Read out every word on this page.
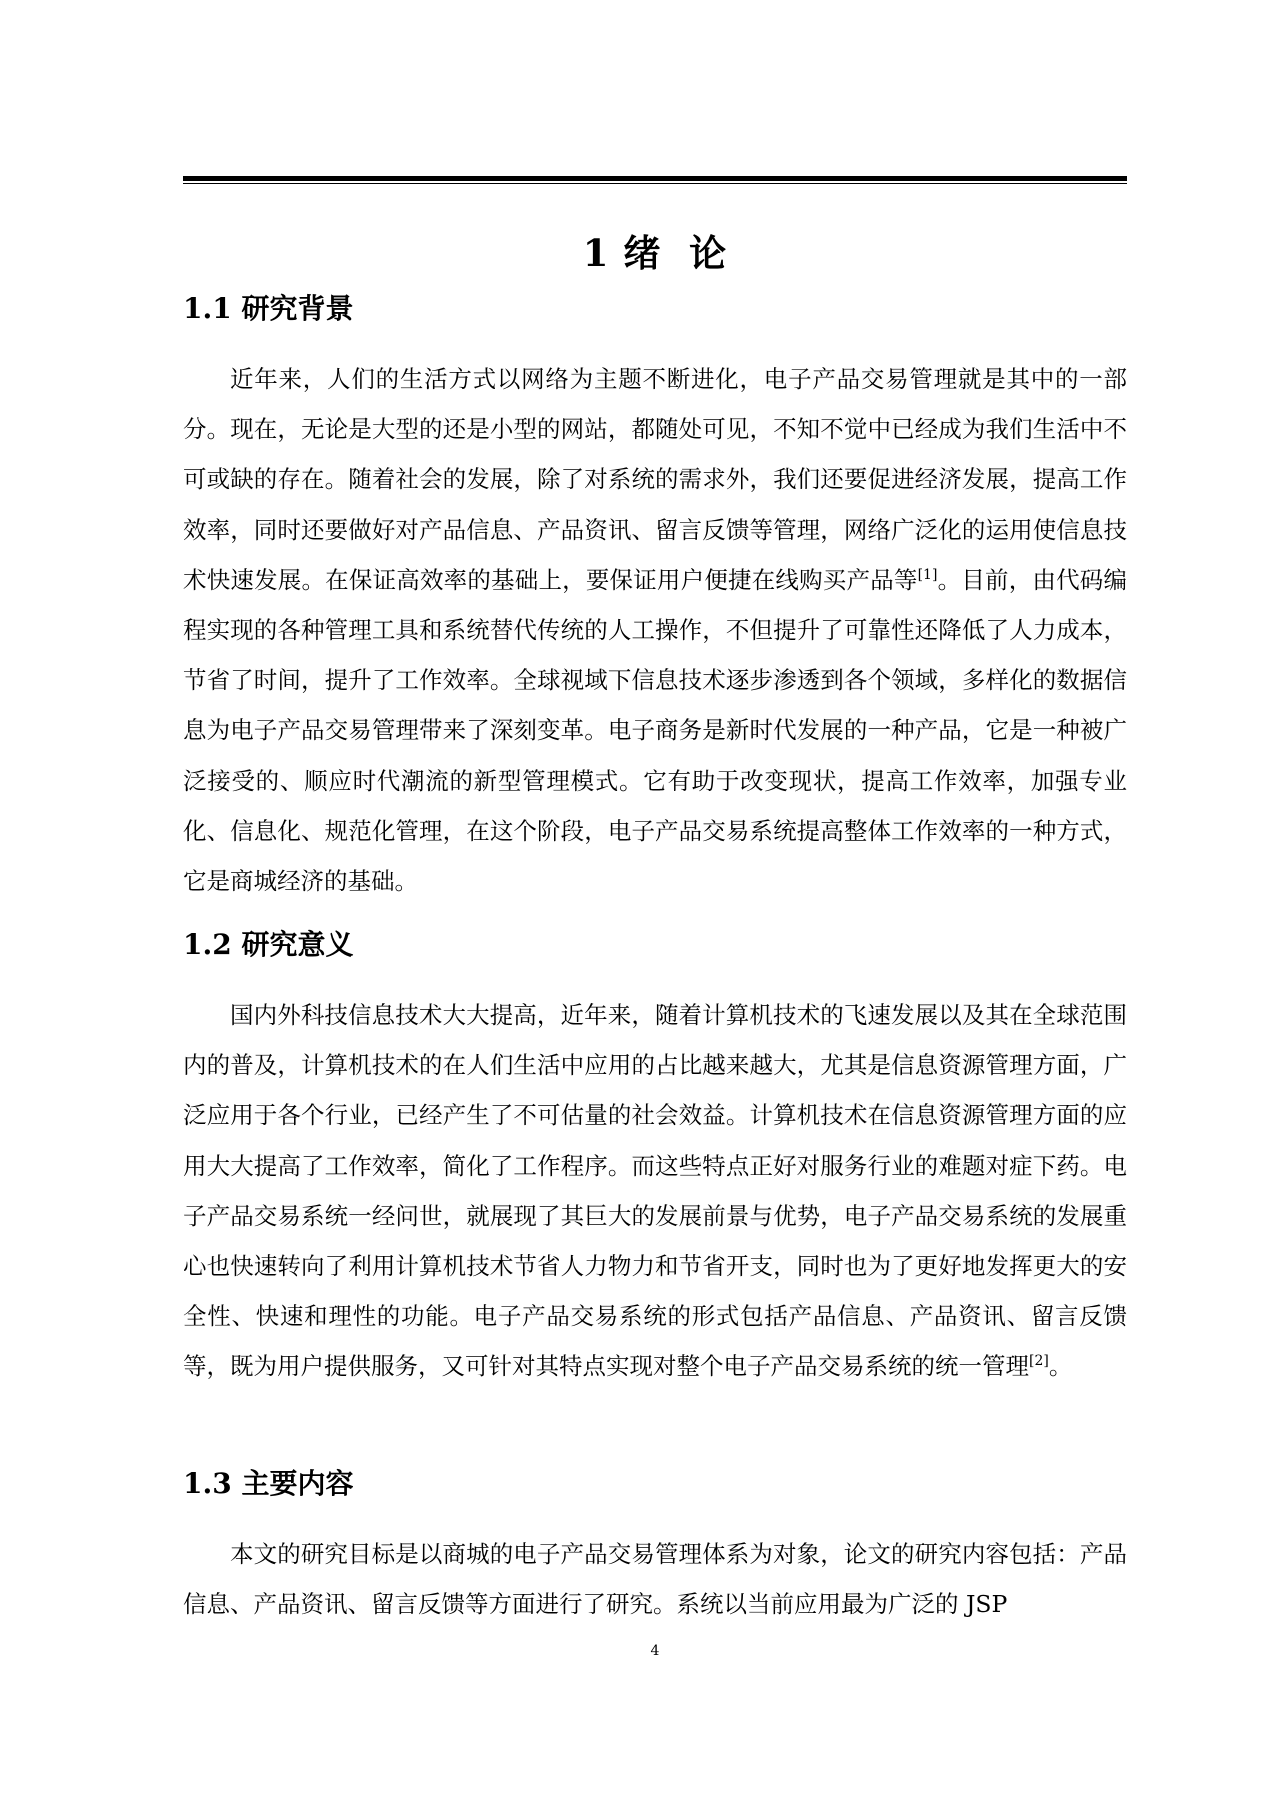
1 绪  论
1.1 研究背景

近年来，人们的生活方式以网络为主题不断进化，电子产品交易管理就是其中的一部分。现在，无论是大型的还是小型的网站，都随处可见，不知不觉中已经成为我们生活中不可或缺的存在。随着社会的发展，除了对系统的需求外，我们还要促进经济发展，提高工作效率，同时还要做好对产品信息、产品资讯、留言反馈等管理，网络广泛化的运用使信息技术快速发展。在保证高效率的基础上，要保证用户便捷在线购买产品等[1]。目前，由代码编程实现的各种管理工具和系统替代传统的人工操作，不但提升了可靠性还降低了人力成本，节省了时间，提升了工作效率。全球视域下信息技术逐步渗透到各个领域，多样化的数据信息为电子产品交易管理带来了深刻变革。电子商务是新时代发展的一种产品，它是一种被广泛接受的、顺应时代潮流的新型管理模式。它有助于改变现状，提高工作效率，加强专业化、信息化、规范化管理，在这个阶段，电子产品交易系统提高整体工作效率的一种方式，它是商城经济的基础。

1.2 研究意义

国内外科技信息技术大大提高，近年来，随着计算机技术的飞速发展以及其在全球范围内的普及，计算机技术的在人们生活中应用的占比越来越大，尤其是信息资源管理方面，广泛应用于各个行业，已经产生了不可估量的社会效益。计算机技术在信息资源管理方面的应用大大提高了工作效率，简化了工作程序。而这些特点正好对服务行业的难题对症下药。电子产品交易系统一经问世，就展现了其巨大的发展前景与优势，电子产品交易系统的发展重心也快速转向了利用计算机技术节省人力物力和节省开支，同时也为了更好地发挥更大的安全性、快速和理性的功能。电子产品交易系统的形式包括产品信息、产品资讯、留言反馈等，既为用户提供服务，又可针对其特点实现对整个电子产品交易系统的统一管理[2]。

1.3 主要内容

本文的研究目标是以商城的电子产品交易管理体系为对象，论文的研究内容包括：产品信息、产品资讯、留言反馈等方面进行了研究。系统以当前应用最为广泛的 JSP

4
